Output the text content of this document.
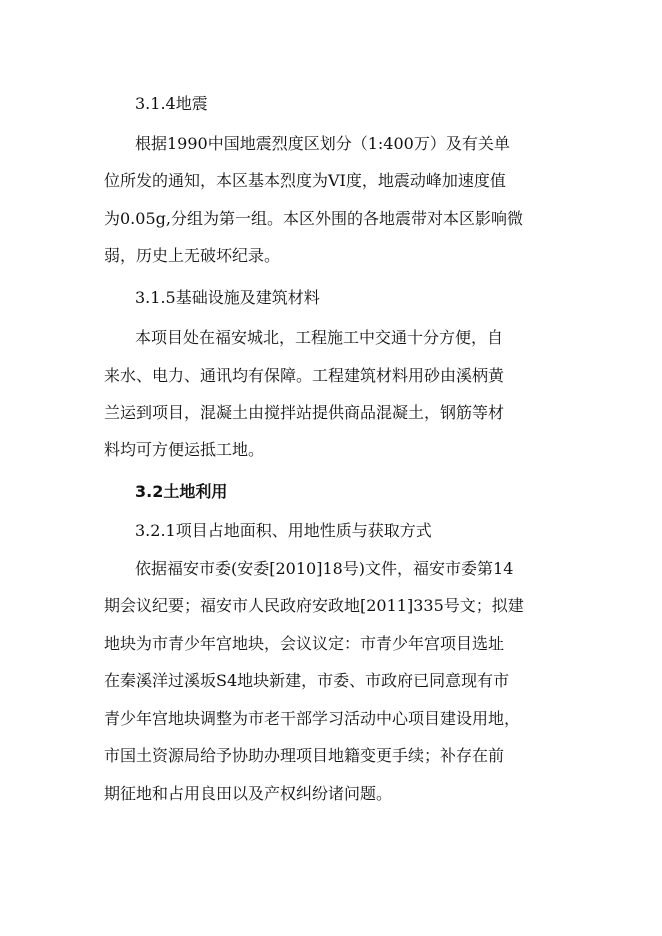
3.1.4地震
根据1990中国地震烈度区划分（1:400万）及有关单
位所发的通知，本区基本烈度为VI度，地震动峰加速度值
为0.05g,分组为第一组。本区外围的各地震带对本区影响微
弱，历史上无破坏纪录。
3.1.5基础设施及建筑材料
本项目处在福安城北，工程施工中交通十分方便，自
来水、电力、通讯均有保障。工程建筑材料用砂由溪柄黄
兰运到项目，混凝土由搅拌站提供商品混凝土，钢筋等材
料均可方便运抵工地。
3.2土地利用
3.2.1项目占地面积、用地性质与获取方式
依据福安市委(安委[2010]18号)文件，福安市委第14
期会议纪要；福安市人民政府安政地[2011]335号文；拟建
地块为市青少年宫地块，会议议定：市青少年宫项目选址
在秦溪洋过溪坂S4地块新建，市委、市政府已同意现有市
青少年宫地块调整为市老干部学习活动中心项目建设用地，
市国土资源局给予协助办理项目地籍变更手续；补存在前
期征地和占用良田以及产权纠纷诸问题。
